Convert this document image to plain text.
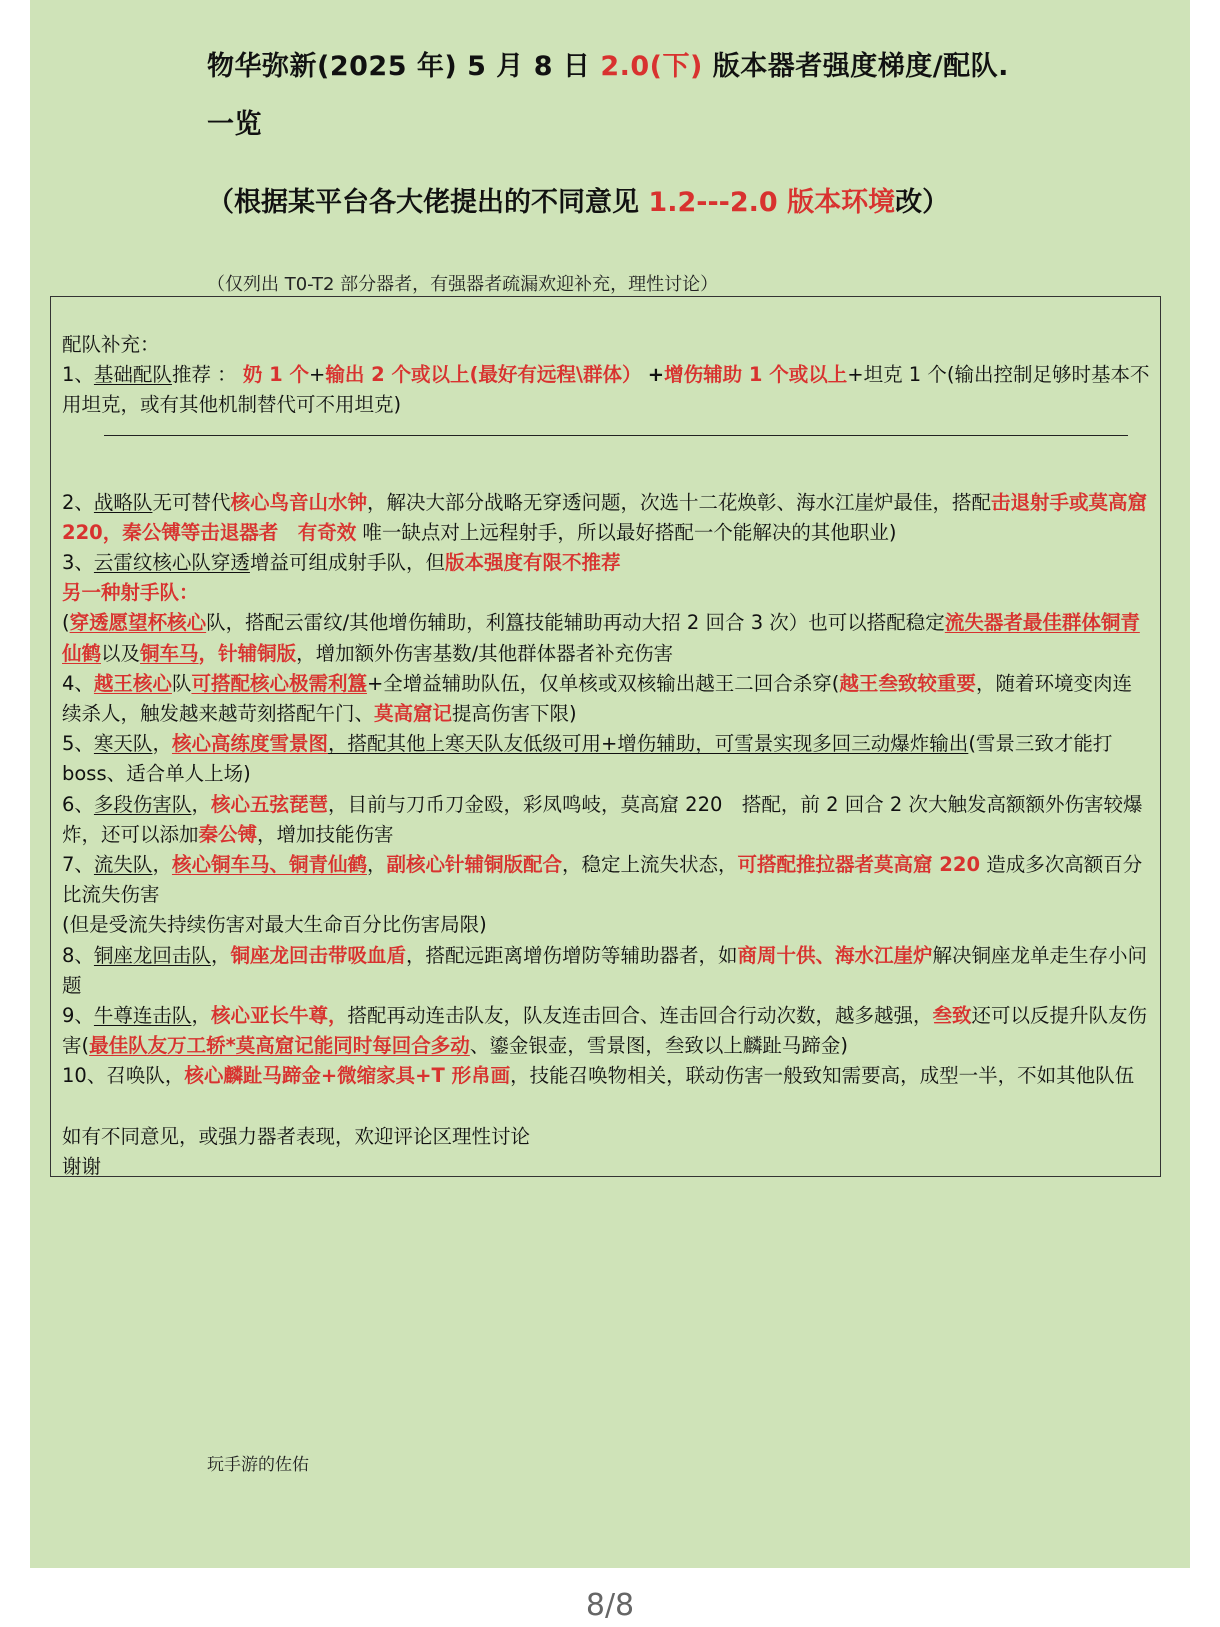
物华弥新(2025 年) 5 月 8 日 2.0(下) 版本器者强度梯度/配队.
一览
（根据某平台各大佬提出的不同意见 1.2---2.0 版本环境改）
（仅列出 T0-T2 部分器者，有强器者疏漏欢迎补充，理性讨论）

配队补充：

1、基础配队推荐 ： 奶 1 个+输出 2 个或以上(最好有远程\群体） +增伤辅助 1 个或以上+坦克 1 个(输出控制足够时基本不用坦克，或有其他机制替代可不用坦克)

2、战略队无可替代核心鸟音山水钟，解决大部分战略无穿透问题，次选十二花焕彰、海水江崖炉最佳，搭配击退射手或莫高窟 220，秦公镈等击退器者　有奇效 唯一缺点对上远程射手，所以最好搭配一个能解决的其他职业)

3、云雷纹核心队穿透增益可组成射手队，但版本强度有限不推荐

另一种射手队：

(穿透愿望杯核心队，搭配云雷纹/其他增伤辅助，利簋技能辅助再动大招 2 回合 3 次）也可以搭配稳定流失器者最佳群体铜青仙鹤以及铜车马，针辅铜版，增加额外伤害基数/其他群体器者补充伤害

4、越王核心队可搭配核心极需利簋+全增益辅助队伍，仅单核或双核输出越王二回合杀穿(越王叁致较重要，随着环境变肉连续杀人，触发越来越苛刻搭配午门、莫高窟记提高伤害下限)

5、寒天队，核心高练度雪景图，搭配其他上寒天队友低级可用+增伤辅助，可雪景实现多回三动爆炸输出(雪景三致才能打 boss、适合单人上场)

6、多段伤害队，核心五弦琵琶，目前与刀币刀金殴，彩凤鸣岐，莫高窟 220　搭配，前 2 回合 2 次大触发高额额外伤害较爆炸，还可以添加秦公镈，增加技能伤害

7、流失队，核心铜车马、铜青仙鹤，副核心针辅铜版配合，稳定上流失状态，可搭配推拉器者莫高窟 220 造成多次高额百分比流失伤害
(但是受流失持续伤害对最大生命百分比伤害局限)

8、铜座龙回击队，铜座龙回击带吸血盾，搭配远距离增伤增防等辅助器者，如商周十供、海水江崖炉解决铜座龙单走生存小问题

9、牛尊连击队，核心亚长牛尊，搭配再动连击队友，队友连击回合、连击回合行动次数，越多越强，叁致还可以反提升队友伤害(最佳队友万工轿*莫高窟记能同时每回合多动、鎏金银壶，雪景图，叁致以上麟趾马蹄金)

10、召唤队，核心麟趾马蹄金+微缩家具+T 形帛画，技能召唤物相关，联动伤害一般致知需要高，成型一半，不如其他队伍

如有不同意见，或强力器者表现，欢迎评论区理性讨论

谢谢

玩手游的佐佑
8/8
